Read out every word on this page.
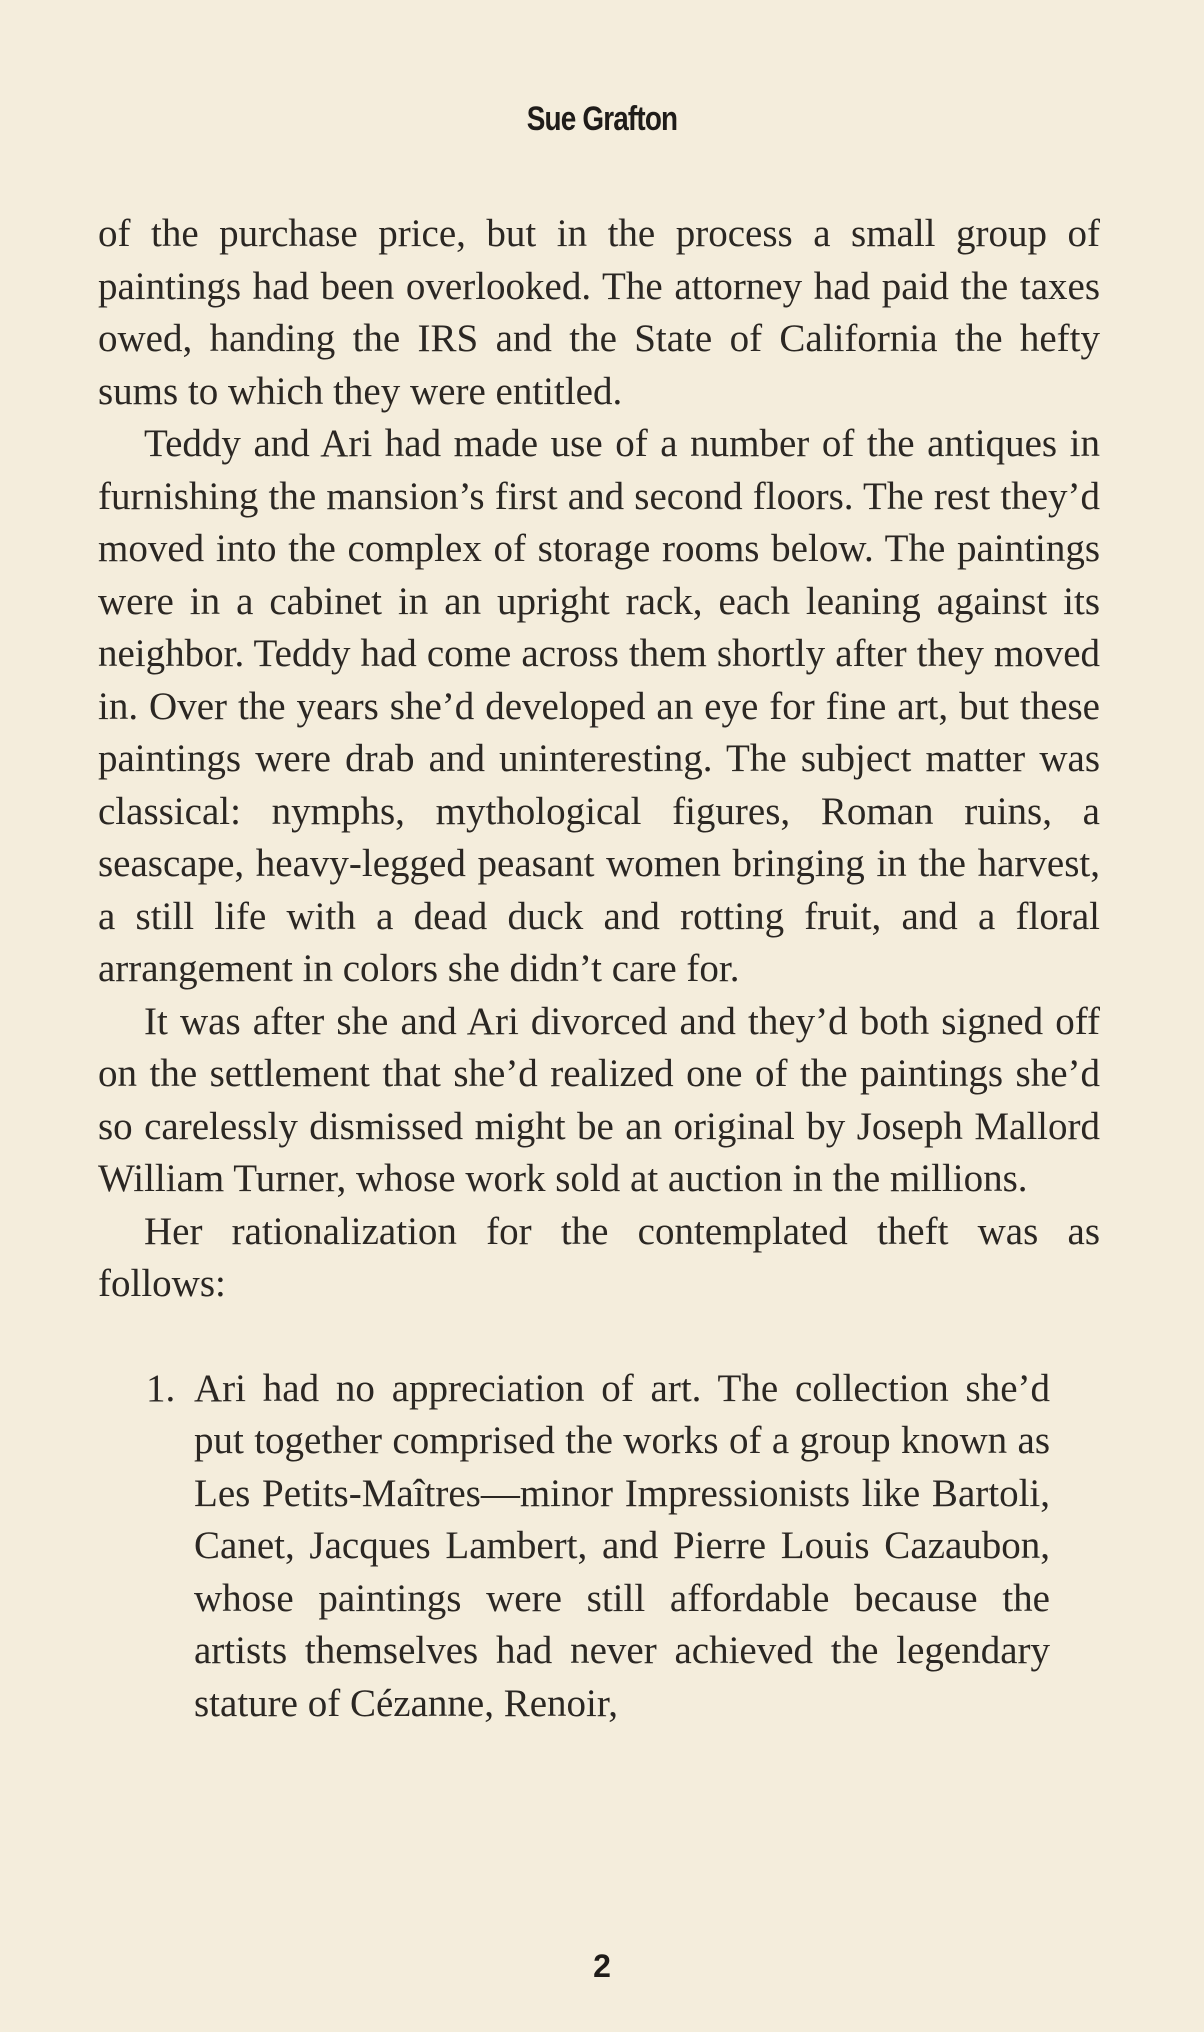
Sue Grafton

of the purchase price, but in the process a small group of paintings had been overlooked. The attorney had paid the taxes owed, handing the IRS and the State of California the hefty sums to which they were entitled.

Teddy and Ari had made use of a number of the antiques in furnishing the mansion’s first and second floors. The rest they’d moved into the complex of storage rooms below. The paintings were in a cabinet in an upright rack, each leaning against its neighbor. Teddy had come across them shortly after they moved in. Over the years she’d developed an eye for fine art, but these paintings were drab and uninteresting. The subject matter was classical: nymphs, mythological figures, Roman ruins, a seascape, heavy-legged peasant women bringing in the harvest, a still life with a dead duck and rotting fruit, and a floral arrangement in colors she didn’t care for.

It was after she and Ari divorced and they’d both signed off on the settlement that she’d realized one of the paintings she’d so carelessly dismissed might be an original by Joseph Mallord William Turner, whose work sold at auction in the millions.

Her rationalization for the contemplated theft was as follows:

1. Ari had no appreciation of art. The collection she’d put together comprised the works of a group known as Les Petits-Maîtres—minor Impressionists like Bartoli, Canet, Jacques Lambert, and Pierre Louis Cazaubon, whose paintings were still affordable because the artists themselves had never achieved the legendary stature of Cézanne, Renoir,
2
